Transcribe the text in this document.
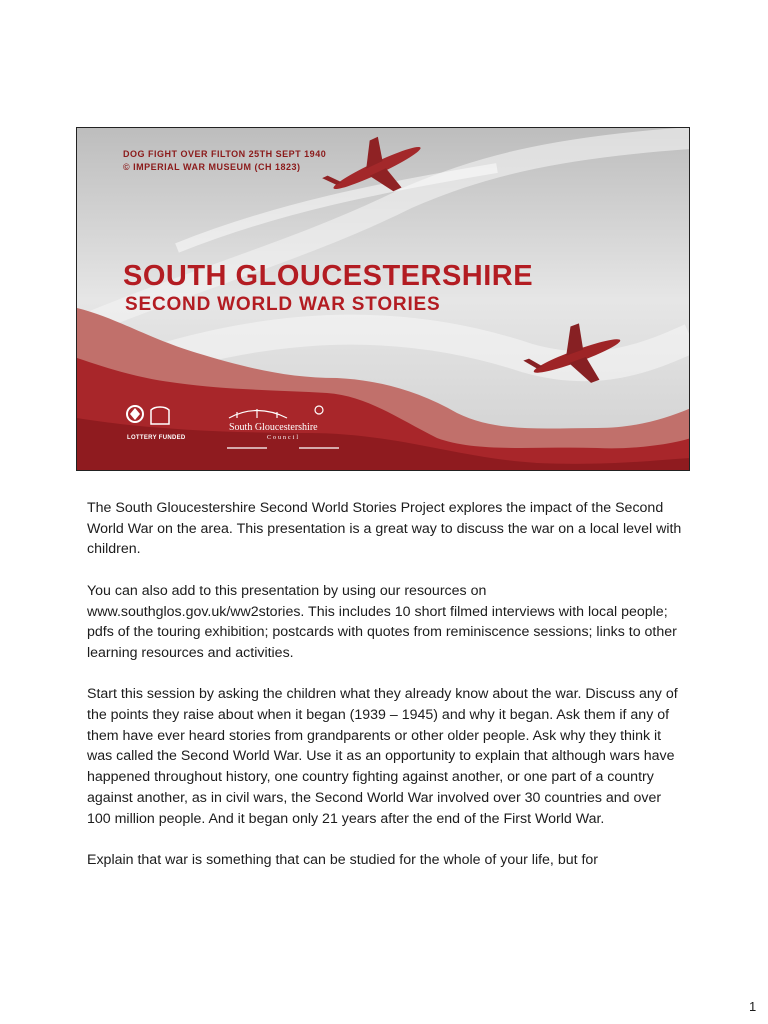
DOG FIGHT OVER FILTON 25TH SEPT 1940
© IMPERIAL WAR MUSEUM (CH 1823)
SOUTH GLOUCESTERSHIRE
SECOND WORLD WAR STORIES
LOTTERY FUNDED
South Gloucestershire
Council

The South Gloucestershire Second World Stories Project explores the impact of the Second World War on the area. This presentation is a great way to discuss the war on a local level with children.

You can also add to this presentation by using our resources on www.southglos.gov.uk/ww2stories. This includes 10 short filmed interviews with local people; pdfs of the touring exhibition; postcards with quotes from reminiscence sessions; links to other learning resources and activities.

Start this session by asking the children what they already know about the war. Discuss any of the points they raise about when it began (1939 – 1945) and why it began. Ask them if any of them have ever heard stories from grandparents or other older people. Ask why they think it was called the Second World War. Use it as an opportunity to explain that although wars have happened throughout history, one country fighting against another, or one part of a country against another, as in civil wars, the Second World War involved over 30 countries and over 100 million people. And it began only 21 years after the end of the First World War.

Explain that war is something that can be studied for the whole of your life, but for

1
